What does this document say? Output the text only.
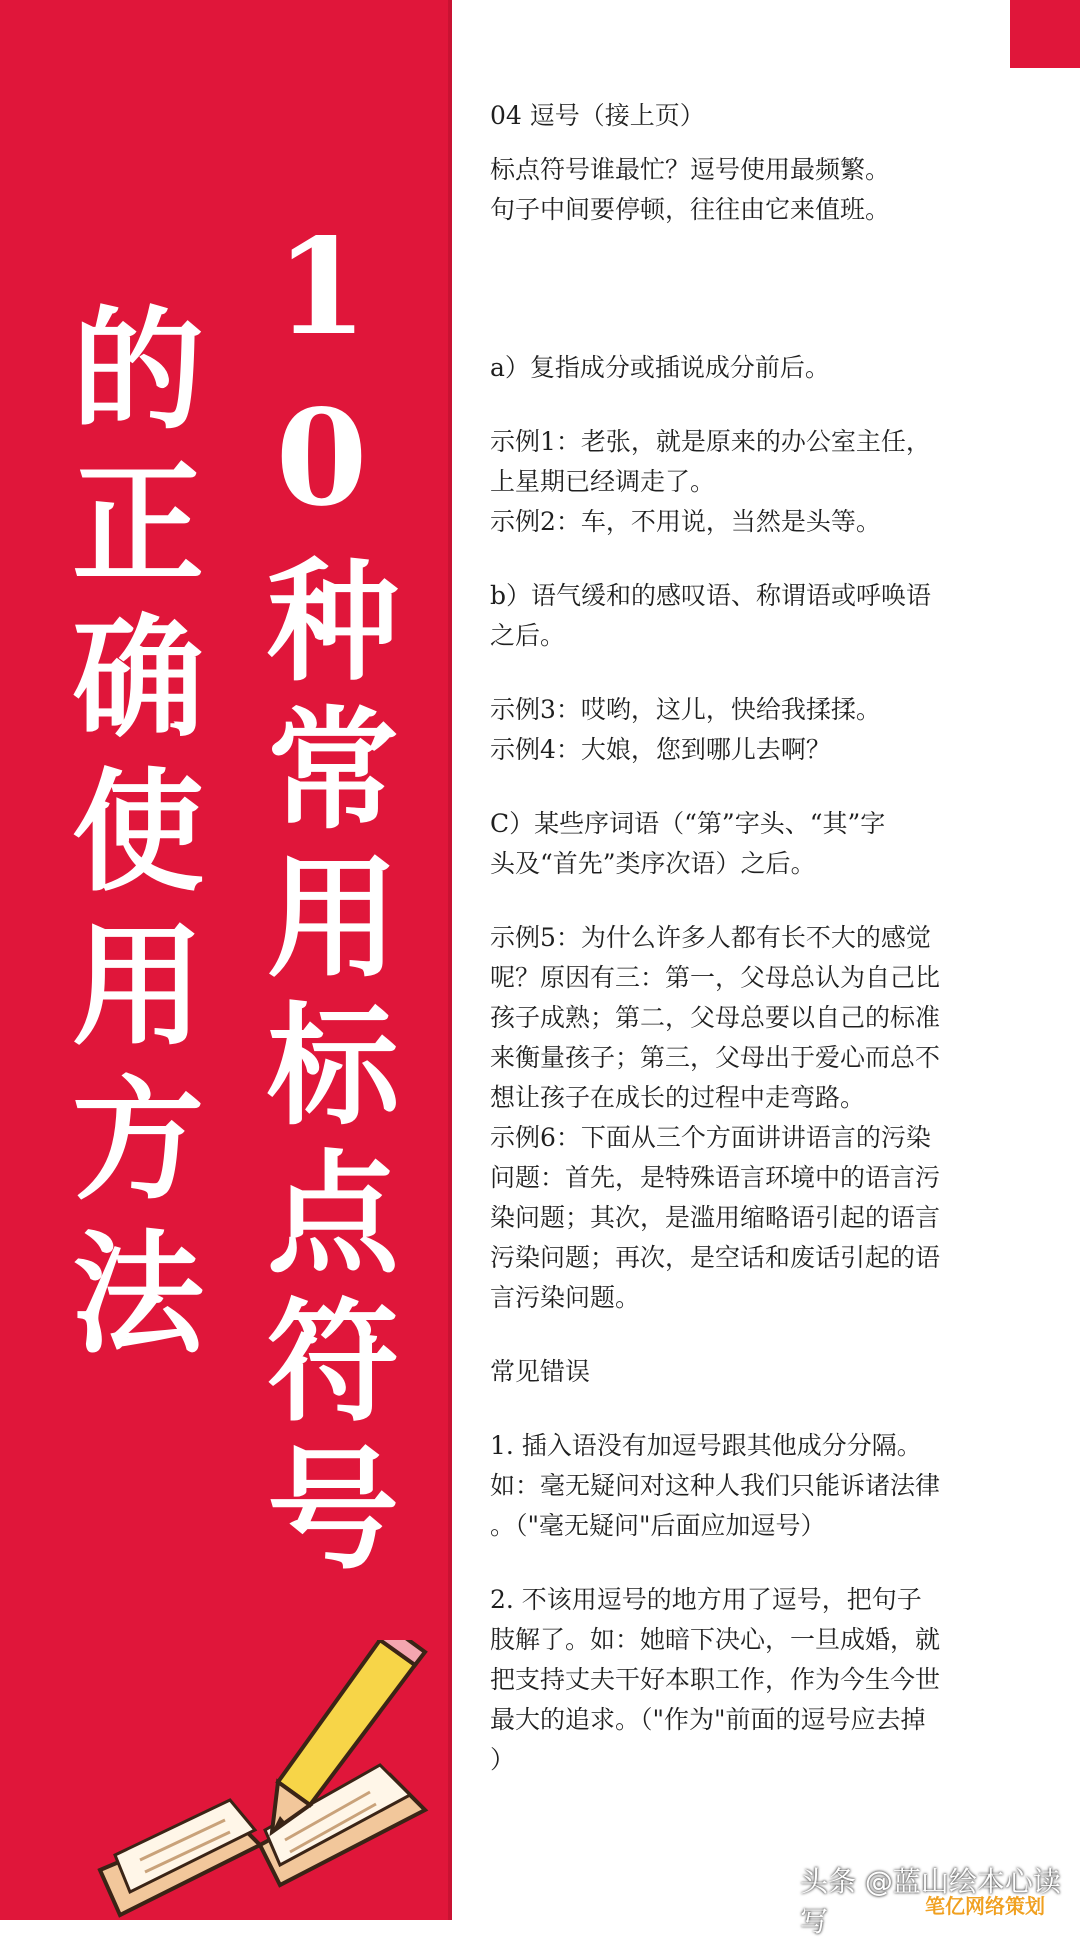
10种常用标点符号
的正确使用方法

04 逗号（接上页）

标点符号谁最忙？逗号使用最频繁。
句子中间要停顿，往往由它来值班。

a）复指成分或插说成分前后。

示例1：老张，就是原来的办公室主任，
上星期已经调走了。
示例2：车，不用说，当然是头等。

b）语气缓和的感叹语、称谓语或呼唤语
之后。

示例3：哎哟，这儿，快给我揉揉。
示例4：大娘，您到哪儿去啊？

C）某些序词语（“第”字头、“其”字
头及“首先”类序次语）之后。

示例5：为什么许多人都有长不大的感觉
呢？原因有三：第一，父母总认为自己比
孩子成熟；第二，父母总要以自己的标准
来衡量孩子；第三，父母出于爱心而总不
想让孩子在成长的过程中走弯路。
示例6：下面从三个方面讲讲语言的污染
问题：首先，是特殊语言环境中的语言污
染问题；其次，是滥用缩略语引起的语言
污染问题；再次，是空话和废话引起的语
言污染问题。

常见错误

1. 插入语没有加逗号跟其他成分分隔。
如：毫无疑问对这种人我们只能诉诸法律
。（"毫无疑问"后面应加逗号）

2. 不该用逗号的地方用了逗号，把句子
肢解了。如：她暗下决心，一旦成婚，就
把支持丈夫干好本职工作，作为今生今世
最大的追求。（"作为"前面的逗号应去掉
）

头条 @蓝山绘本心读写	笔亿网络策划
